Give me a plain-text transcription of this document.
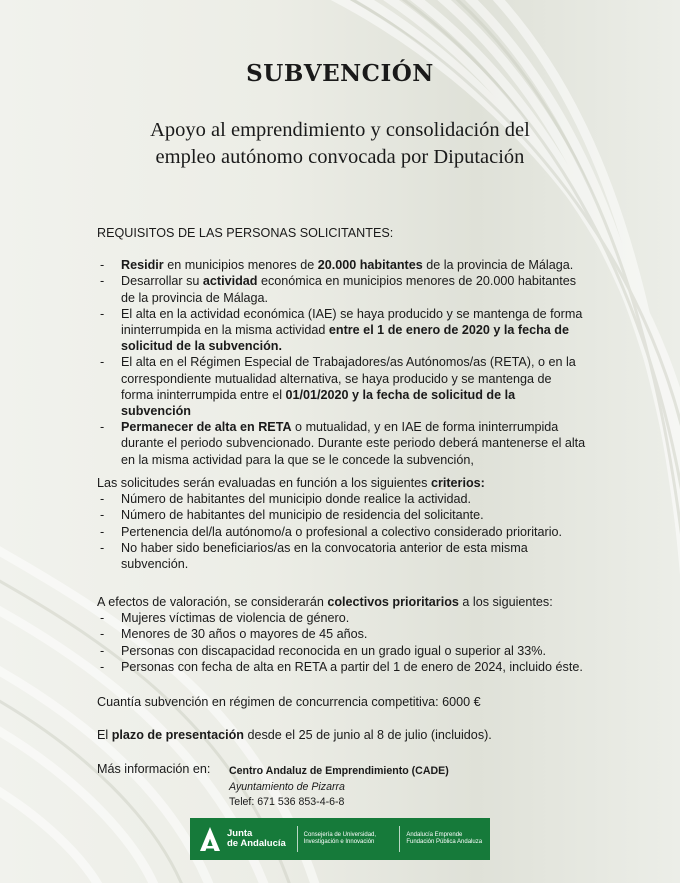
SUBVENCIÓN
Apoyo al emprendimiento y consolidación del
empleo autónomo convocada por Diputación

REQUISITOS DE LAS PERSONAS SOLICITANTES:

- Residir en municipios menores de 20.000 habitantes de la provincia de Málaga.
- Desarrollar su actividad económica en municipios menores de 20.000 habitantes de la provincia de Málaga.
- El alta en la actividad económica (IAE) se haya producido y se mantenga de forma ininterrumpida en la misma actividad entre el 1 de enero de 2020 y la fecha de solicitud de la subvención.
- El alta en el Régimen Especial de Trabajadores/as Autónomos/as (RETA), o en la correspondiente mutualidad alternativa, se haya producido y se mantenga de forma ininterrumpida entre el 01/01/2020 y la fecha de solicitud de la subvención
- Permanecer de alta en RETA o mutualidad, y en IAE de forma ininterrumpida durante el periodo subvencionado. Durante este periodo deberá mantenerse el alta en la misma actividad para la que se le concede la subvención,

Las solicitudes serán evaluadas en función a los siguientes criterios:

- Número de habitantes del municipio donde realice la actividad.
- Número de habitantes del municipio de residencia del solicitante.
- Pertenencia del/la autónomo/a o profesional a colectivo considerado prioritario.
- No haber sido beneficiarios/as en la convocatoria anterior de esta misma subvención.

A efectos de valoración, se considerarán colectivos prioritarios a los siguientes:

- Mujeres víctimas de violencia de género.
- Menores de 30 años o mayores de 45 años.
- Personas con discapacidad reconocida en un grado igual o superior al 33%.
- Personas con fecha de alta en RETA a partir del 1 de enero de 2024, incluido éste.

Cuantía subvención en régimen de concurrencia competitiva: 6000 €

El plazo de presentación desde el 25 de junio al 8 de julio (incluidos).

Más información en: Centro Andaluz de Emprendimiento (CADE)
Ayuntamiento de Pizarra
Telef: 671 536 853-4-6-8
Junta
de Andalucía
Consejería de Universidad,
Investigación e Innovación
Andalucía Emprende
Fundación Pública Andaluza
